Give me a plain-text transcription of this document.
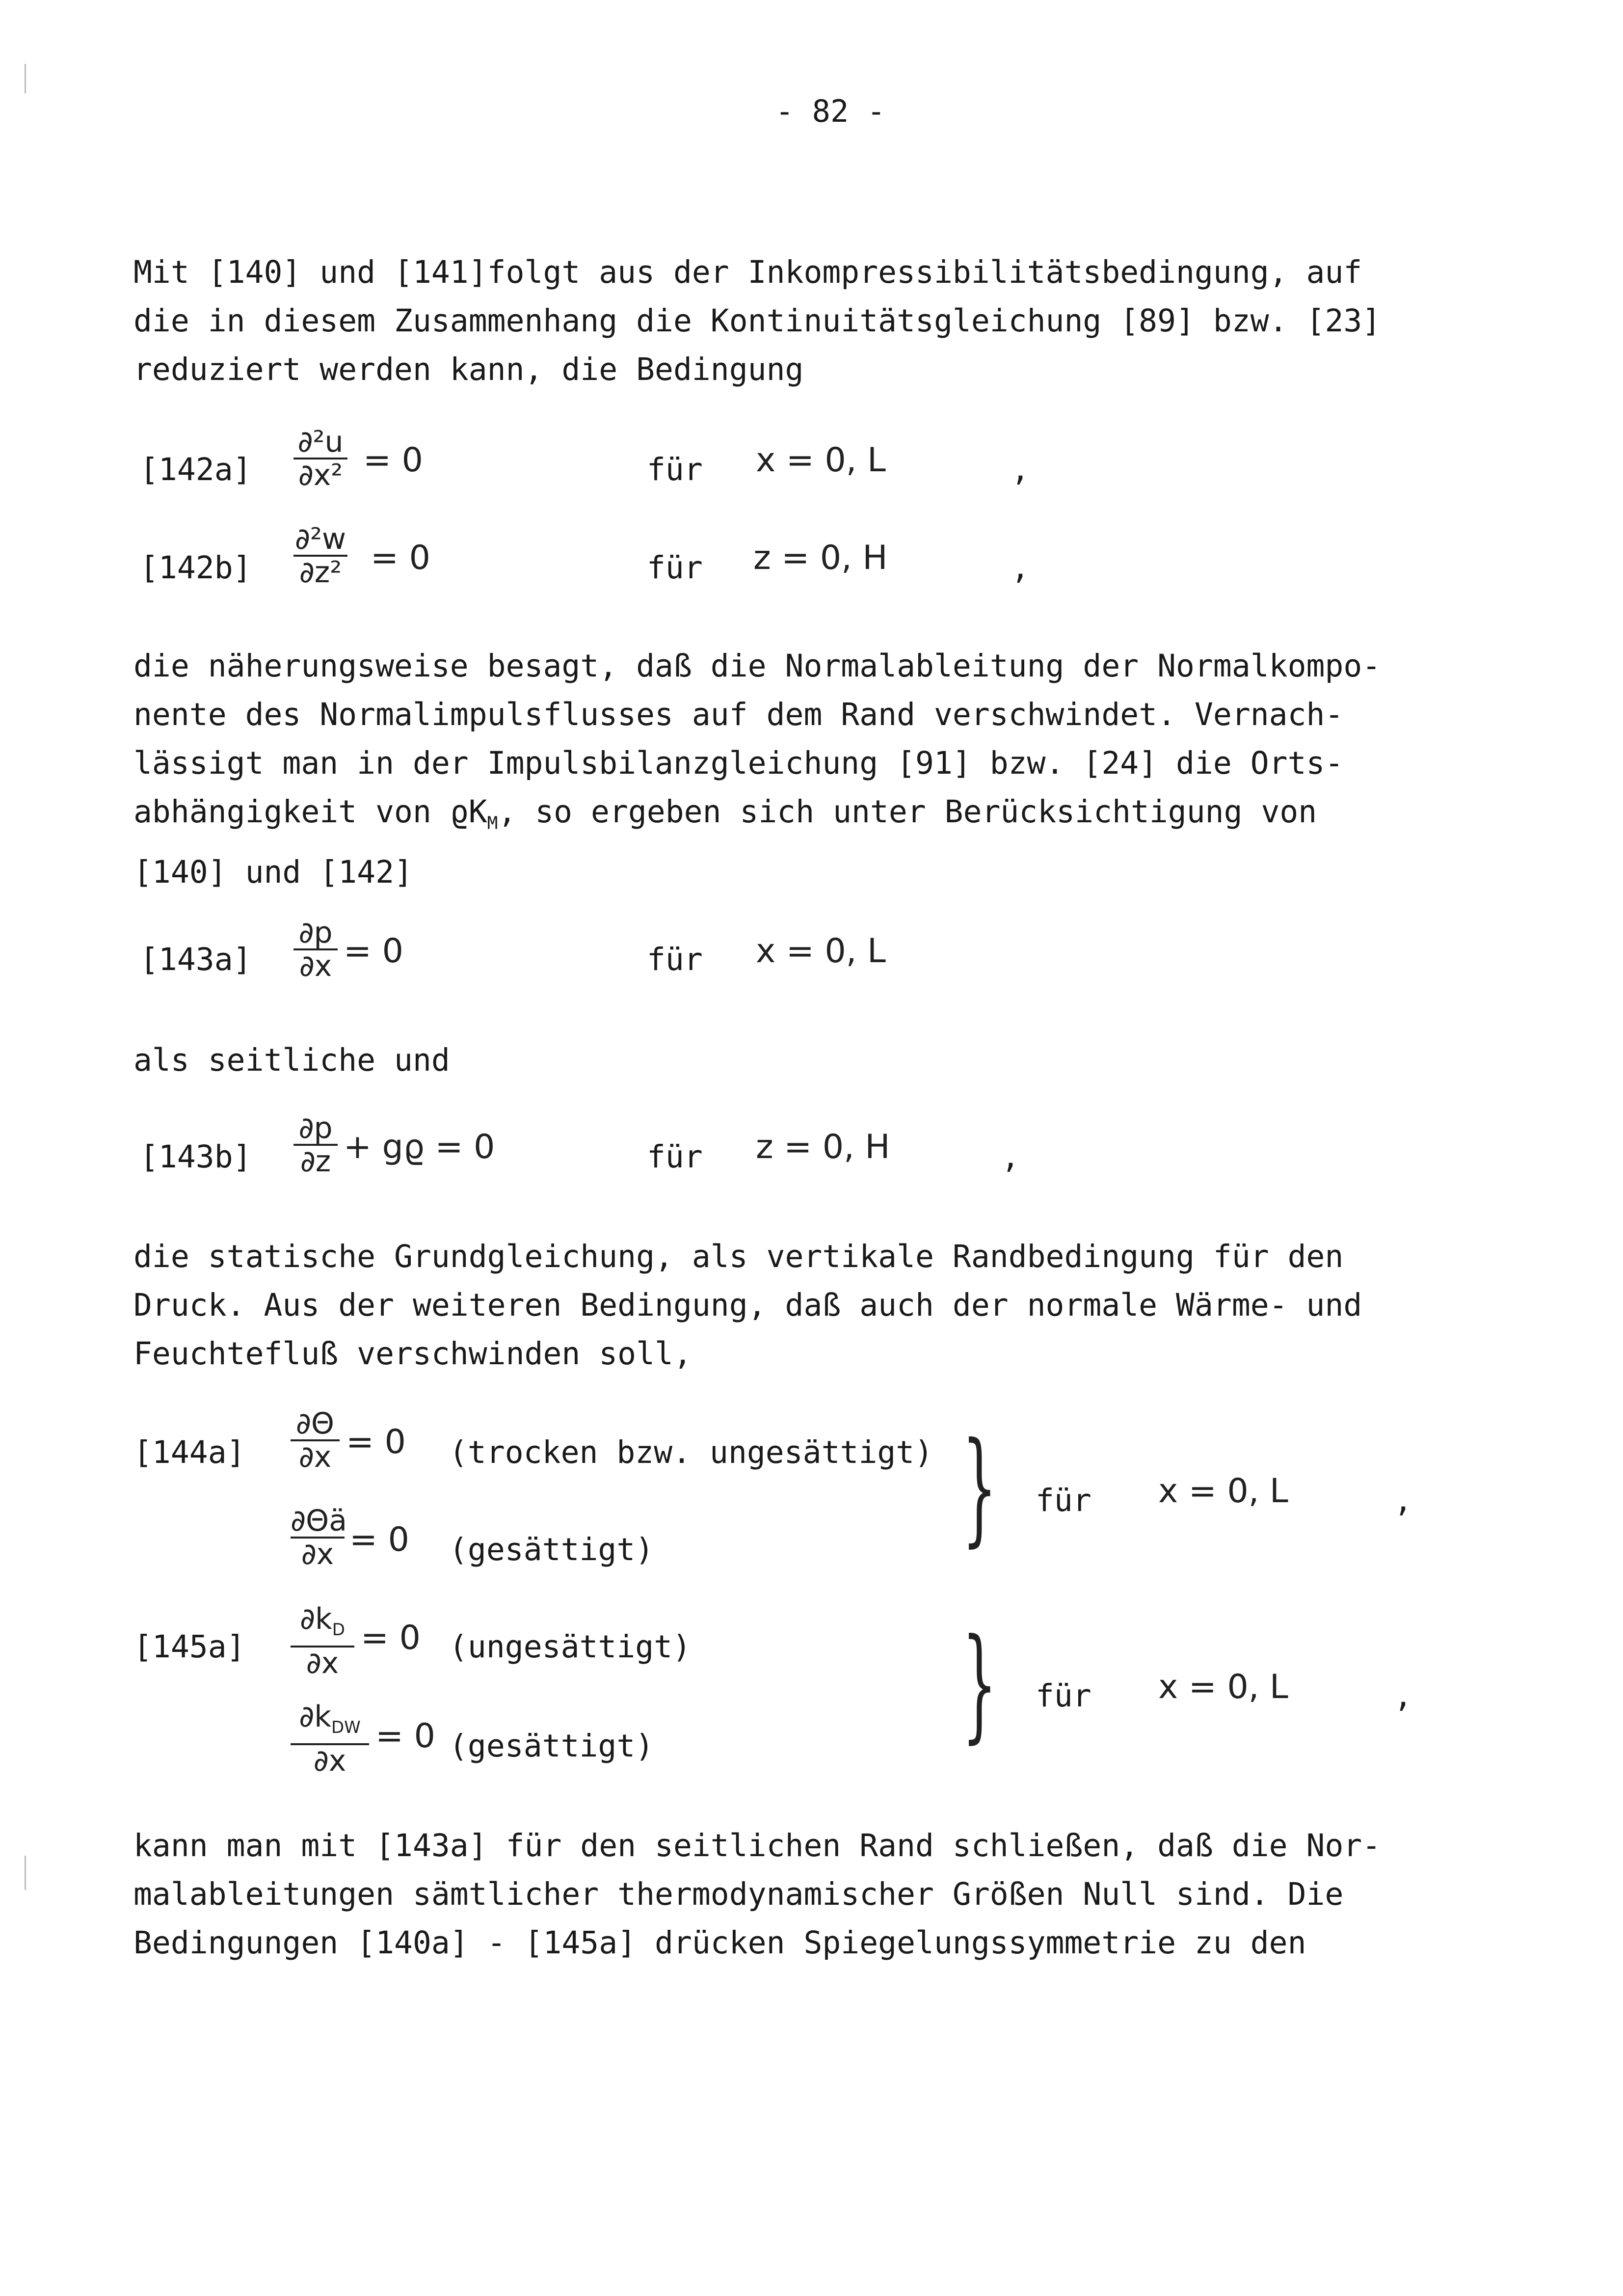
- 82 -
Mit [140] und [141]folgt aus der Inkompressibilitätsbedingung, auf
die in diesem Zusammenhang die Kontinuitätsgleichung [89] bzw. [23]
reduziert werden kann, die Bedingung
[142a]
∂²u
∂x² = 0	für x = 0, L	,
[142b]
∂²w
∂z² = 0	für z = 0, H	,
die näherungsweise besagt, daß die Normalableitung der Normalkompo-
nente des Normalimpulsflusses auf dem Rand verschwindet. Vernach-
lässigt man in der Impulsbilanzgleichung [91] bzw. [24] die Orts-
abhängigkeit von $ϱK_M$, so ergeben sich unter Berücksichtigung von
[140] und [142]
[143a]
∂p
∂x = 0	für x = 0, L
als seitliche und
[143b]
∂p
∂z + gϱ = 0	für z = 0, H	,
die statische Grundgleichung, als vertikale Randbedingung für den
Druck. Aus der weiteren Bedingung, daß auch der normale Wärme- und
Feuchtefluß verschwinden soll,
[144a]
∂Θ
∂x = 0 (trocken bzw. ungesättigt)
∂Θä
∂x = 0 (gesättigt)	} für x = 0, L	,
[145a]
$\partial k_D$
∂x
= 0 (ungesättigt)
$\partial k_{DW}$
∂x
= 0 (gesättigt)	} für x = 0, L	,
kann man mit [143a] für den seitlichen Rand schließen, daß die Nor-
malableitungen sämtlicher thermodynamischer Größen Null sind. Die
Bedingungen [140a] - [145a] drücken Spiegelungssymmetrie zu den
